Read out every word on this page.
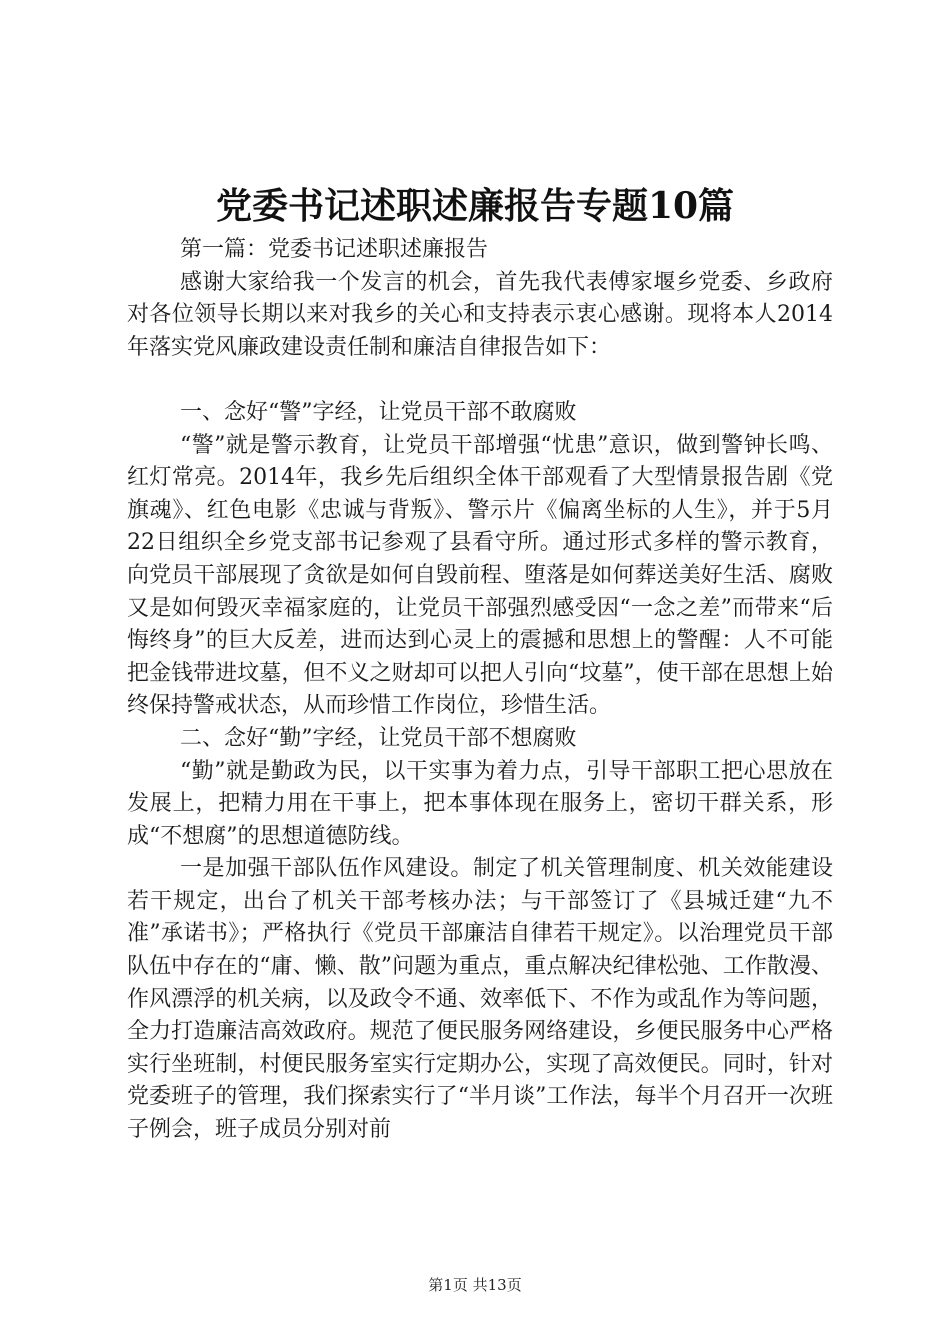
党委书记述职述廉报告专题10篇

第一篇：党委书记述职述廉报告

感谢大家给我一个发言的机会，首先我代表傅家堰乡党委、乡政府对各位领导长期以来对我乡的关心和支持表示衷心感谢。现将本人2014年落实党风廉政建设责任制和廉洁自律报告如下：

一、念好“警”字经，让党员干部不敢腐败

“警”就是警示教育，让党员干部增强“忧患”意识，做到警钟长鸣、红灯常亮。2014年，我乡先后组织全体干部观看了大型情景报告剧《党旗魂》、红色电影《忠诚与背叛》、警示片《偏离坐标的人生》，并于5月22日组织全乡党支部书记参观了县看守所。通过形式多样的警示教育，向党员干部展现了贪欲是如何自毁前程、堕落是如何葬送美好生活、腐败又是如何毁灭幸福家庭的，让党员干部强烈感受因“一念之差”而带来“后悔终身”的巨大反差，进而达到心灵上的震撼和思想上的警醒：人不可能把金钱带进坟墓，但不义之财却可以把人引向“坟墓”，使干部在思想上始终保持警戒状态，从而珍惜工作岗位，珍惜生活。

二、念好“勤”字经，让党员干部不想腐败

“勤”就是勤政为民，以干实事为着力点，引导干部职工把心思放在发展上，把精力用在干事上，把本事体现在服务上，密切干群关系，形成“不想腐”的思想道德防线。

一是加强干部队伍作风建设。制定了机关管理制度、机关效能建设若干规定，出台了机关干部考核办法；与干部签订了《县城迁建“九不准”承诺书》；严格执行《党员干部廉洁自律若干规定》。以治理党员干部队伍中存在的“庸、懒、散”问题为重点，重点解决纪律松弛、工作散漫、作风漂浮的机关病，以及政令不通、效率低下、不作为或乱作为等问题，全力打造廉洁高效政府。规范了便民服务网络建设，乡便民服务中心严格实行坐班制，村便民服务室实行定期办公，实现了高效便民。同时，针对党委班子的管理，我们探索实行了“半月谈”工作法，每半个月召开一次班子例会，班子成员分别对前

第1页 共13页
